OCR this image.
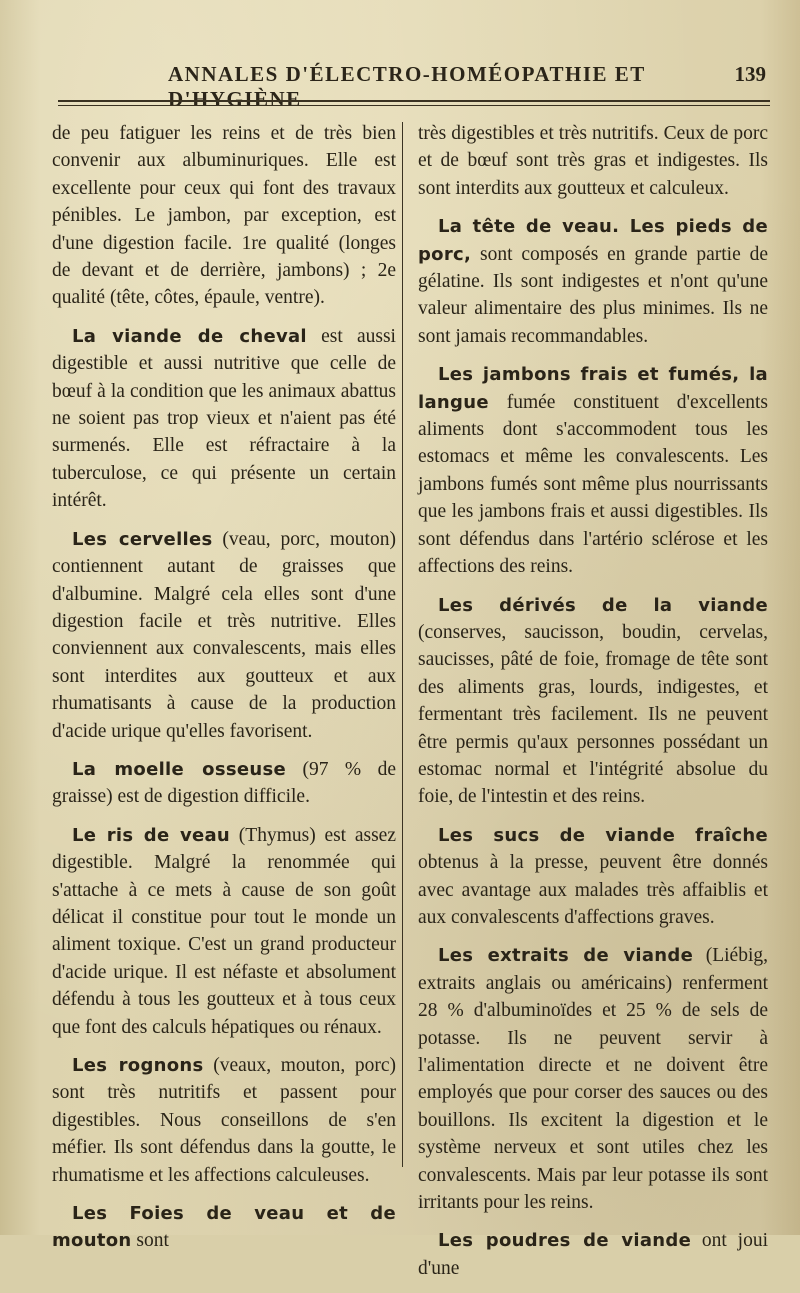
ANNALES D'ÉLECTRO-HOMÉOPATHIE ET D'HYGIÈNE
139

de peu fatiguer les reins et de très bien convenir aux albuminuriques. Elle est excellente pour ceux qui font des travaux pénibles. Le jambon, par exception, est d'une digestion facile. 1re qualité (longes de devant et de derrière, jambons) ; 2e qualité (tête, côtes, épaule, ventre).

La viande de cheval est aussi digestible et aussi nutritive que celle de bœuf à la condition que les animaux abattus ne soient pas trop vieux et n'aient pas été surmenés. Elle est réfractaire à la tuberculose, ce qui présente un certain intérêt.

Les cervelles (veau, porc, mouton) contiennent autant de graisses que d'albumine. Malgré cela elles sont d'une digestion facile et très nutritive. Elles conviennent aux convalescents, mais elles sont interdites aux goutteux et aux rhumatisants à cause de la production d'acide urique qu'elles favorisent.

La moelle osseuse (97 % de graisse) est de digestion difficile.

Le ris de veau (Thymus) est assez digestible. Malgré la renommée qui s'attache à ce mets à cause de son goût délicat il constitue pour tout le monde un aliment toxique. C'est un grand producteur d'acide urique. Il est néfaste et absolument défendu à tous les goutteux et à tous ceux que font des calculs hépatiques ou rénaux.

Les rognons (veaux, mouton, porc) sont très nutritifs et passent pour digestibles. Nous conseillons de s'en méfier. Ils sont défendus dans la goutte, le rhumatisme et les affections calculeuses.

Les Foies de veau et de mouton sont

très digestibles et très nutritifs. Ceux de porc et de bœuf sont très gras et indigestes. Ils sont interdits aux goutteux et calculeux.

La tête de veau. Les pieds de porc, sont composés en grande partie de gélatine. Ils sont indigestes et n'ont qu'une valeur alimentaire des plus minimes. Ils ne sont jamais recommandables.

Les jambons frais et fumés, la langue fumée constituent d'excellents aliments dont s'accommodent tous les estomacs et même les convalescents. Les jambons fumés sont même plus nourrissants que les jambons frais et aussi digestibles. Ils sont défendus dans l'artério sclérose et les affections des reins.

Les dérivés de la viande (conserves, saucisson, boudin, cervelas, saucisses, pâté de foie, fromage de tête sont des aliments gras, lourds, indigestes, et fermentant très facilement. Ils ne peuvent être permis qu'aux personnes possédant un estomac normal et l'intégrité absolue du foie, de l'intestin et des reins.

Les sucs de viande fraîche obtenus à la presse, peuvent être donnés avec avantage aux malades très affaiblis et aux convalescents d'affections graves.

Les extraits de viande (Liébig, extraits anglais ou américains) renferment 28 % d'albuminoïdes et 25 % de sels de potasse. Ils ne peuvent servir à l'alimentation directe et ne doivent être employés que pour corser des sauces ou des bouillons. Ils excitent la digestion et le système nerveux et sont utiles chez les convalescents. Mais par leur potasse ils sont irritants pour les reins.

Les poudres de viande ont joui d'une
